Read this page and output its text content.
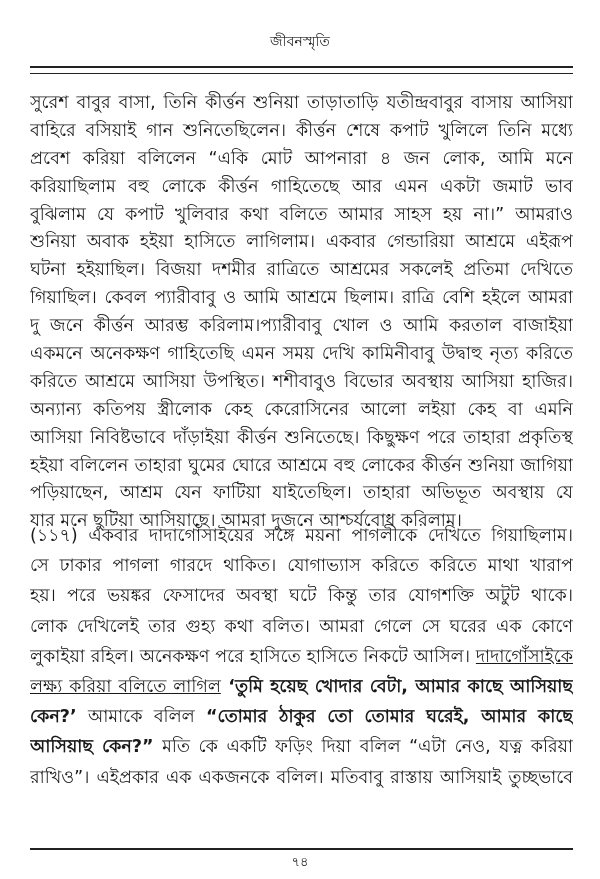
জীবনস্মৃতি
সুরেশ বাবুর বাসা, তিনি কীর্ত্তন শুনিয়া তাড়াতাড়ি যতীন্দ্রবাবুর বাসায় আসিয়া
বাহিরে বসিয়াই গান শুনিতেছিলেন। কীর্ত্তন শেষে কপাট খুলিলে তিনি মধ্যে
প্রবেশ করিয়া বলিলেন “একি মোট আপনারা ৪ জন লোক, আমি মনে
করিয়াছিলাম বহু লোকে কীর্ত্তন গাহিতেছে আর এমন একটা জমাট ভাব
বুঝিলাম যে কপাট খুলিবার কথা বলিতে আমার সাহস হয় না।” আমরাও
শুনিয়া অবাক হইয়া হাসিতে লাগিলাম। একবার গেন্ডারিয়া আশ্রমে এইরূপ
ঘটনা হইয়াছিল। বিজয়া দশমীর রাত্রিতে আশ্রমের সকলেই প্রতিমা দেখিতে
গিয়াছিল। কেবল প্যারীবাবু ও আমি আশ্রমে ছিলাম। রাত্রি বেশি হইলে আমরা
দু জনে কীর্ত্তন আরম্ভ করিলাম।প্যারীবাবু খোল ও আমি করতাল বাজাইয়া
একমনে অনেকক্ষণ গাহিতেছি এমন সময় দেখি কামিনীবাবু উদ্বাহু নৃত্য করিতে
করিতে আশ্রমে আসিয়া উপস্থিত। শশীবাবুও বিভোর অবস্থায় আসিয়া হাজির।
অন্যান্য কতিপয় স্ত্রীলোক কেহ কেরোসিনের আলো লইয়া কেহ বা এমনি
আসিয়া নিবিষ্টভাবে দাঁড়াইয়া কীর্ত্তন শুনিতেছে। কিছুক্ষণ পরে তাহারা প্রকৃতিস্থ
হইয়া বলিলেন তাহারা ঘুমের ঘোরে আশ্রমে বহু লোকের কীর্ত্তন শুনিয়া জাগিয়া
পড়িয়াছেন, আশ্রম যেন ফাটিয়া যাইতেছিল। তাহারা অভিভূত অবস্থায় যে
যার মনে ছুটিয়া আসিয়াছে। আমরা দুজনে আশ্চর্যবোধ করিলাম।
(১১৭) একবার দাদাগোঁসাইয়ের সঙ্গে ময়না পাগলীকে দেখিতে গিয়াছিলাম।
সে ঢাকার পাগলা গারদে থাকিত। যোগাভ্যাস করিতে করিতে মাথা খারাপ
হয়। পরে ভয়ঙ্কর ফেসাদের অবস্থা ঘটে কিন্তু তার যোগশক্তি অটুট থাকে।
লোক দেখিলেই তার গুহ্য কথা বলিত। আমরা গেলে সে ঘরের এক কোণে
লুকাইয়া রহিল। অনেকক্ষণ পরে হাসিতে হাসিতে নিকটে আসিল। দাদাগোঁসাইকে
লক্ষ্য করিয়া বলিতে লাগিল ‘তুমি হয়েছ খোদার বেটা, আমার কাছে আসিয়াছ
কেন?’ আমাকে বলিল “তোমার ঠাকুর তো তোমার ঘরেই, আমার কাছে
আসিয়াছ কেন?” মতি কে একটি ফড়িং দিয়া বলিল “এটা নেও, যত্ন করিয়া
রাখিও”। এইপ্রকার এক একজনকে বলিল। মতিবাবু রাস্তায় আসিয়াই তুচ্ছভাবে
৭৪
